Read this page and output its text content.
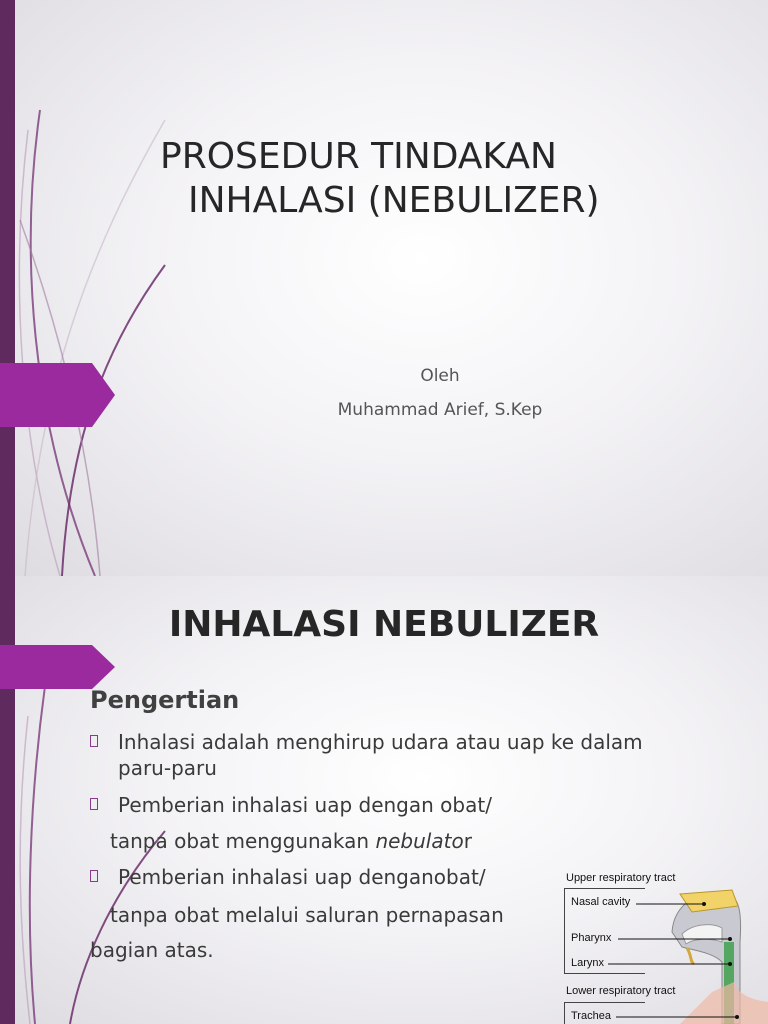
PROSEDUR TINDAKAN
INHALASI (NEBULIZER)
Oleh
Muhammad Arief, S.Kep
INHALASI NEBULIZER
Pengertian
Inhalasi adalah menghirup udara atau uap ke dalam
paru-paru
Pemberian inhalasi uap dengan obat/
tanpa obat menggunakan nebulator
Pemberian inhalasi uap denganobat/
tanpa obat melalui saluran pernapasan
bagian atas.
Upper respiratory tract
Nasal cavity
Pharynx
Larynx
Lower respiratory tract
Trachea
